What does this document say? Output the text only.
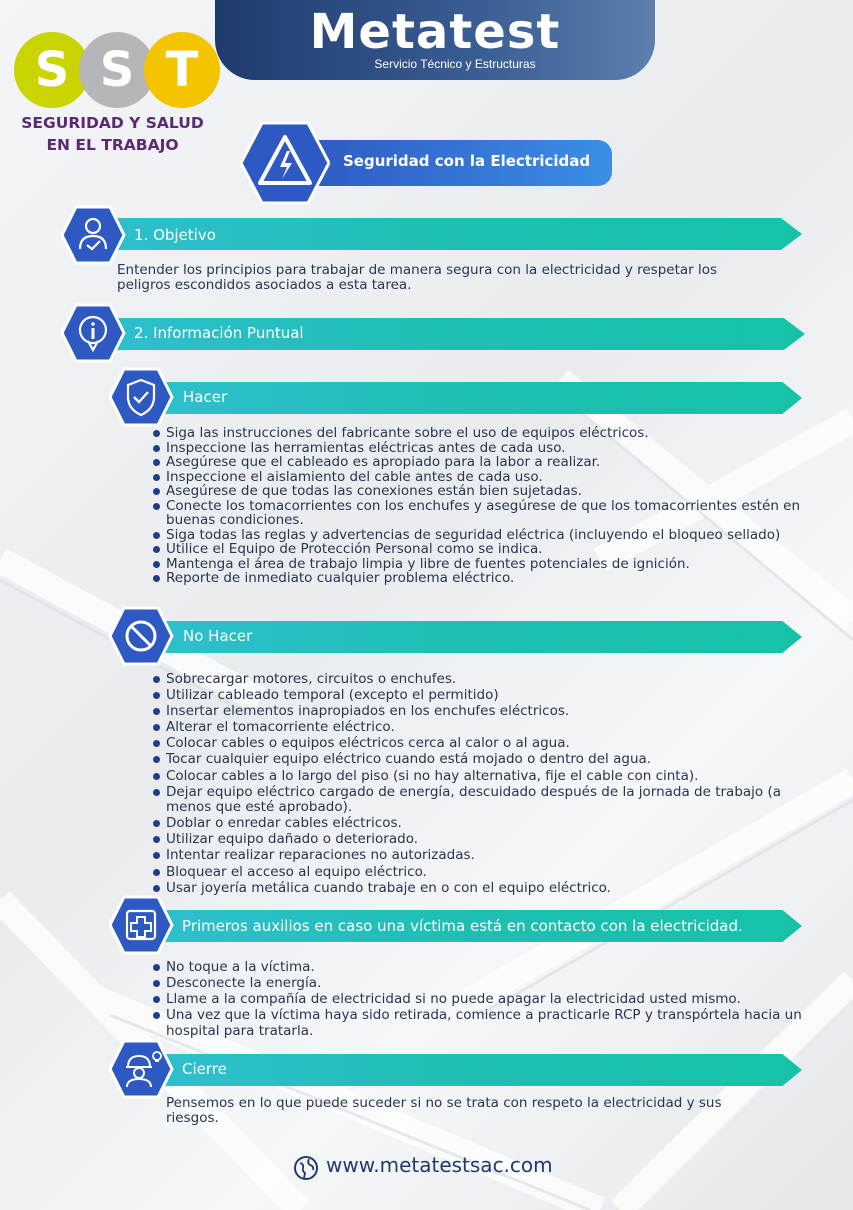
Metatest
Servicio Técnico y Estructuras
S S T
SEGURIDAD Y SALUD
EN EL TRABAJO
Seguridad con la Electricidad
1. Objetivo
Entender los principios para trabajar de manera segura con la electricidad y respetar los
peligros escondidos asociados a esta tarea.
2. Información Puntual
Hacer
Siga las instrucciones del fabricante sobre el uso de equipos eléctricos.
Inspeccione las herramientas eléctricas antes de cada uso.
Asegúrese que el cableado es apropiado para la labor a realizar.
Inspeccione el aislamiento del cable antes de cada uso.
Asegúrese de que todas las conexiones están bien sujetadas.
Conecte los tomacorrientes con los enchufes y asegúrese de que los tomacorrientes estén en buenas condiciones.
Siga todas las reglas y advertencias de seguridad eléctrica (incluyendo el bloqueo sellado)
Utilice el Equipo de Protección Personal como se indica.
Mantenga el área de trabajo limpia y libre de fuentes potenciales de ignición.
Reporte de inmediato cualquier problema eléctrico.
No Hacer
Sobrecargar motores, circuitos o enchufes.
Utilizar cableado temporal (excepto el permitido)
Insertar elementos inapropiados en los enchufes eléctricos.
Alterar el tomacorriente eléctrico.
Colocar cables o equipos eléctricos cerca al calor o al agua.
Tocar cualquier equipo eléctrico cuando está mojado o dentro del agua.
Colocar cables a lo largo del piso (si no hay alternativa, fije el cable con cinta).
Dejar equipo eléctrico cargado de energía, descuidado después de la jornada de trabajo (a menos que esté aprobado).
Doblar o enredar cables eléctricos.
Utilizar equipo dañado o deteriorado.
Intentar realizar reparaciones no autorizadas.
Bloquear el acceso al equipo eléctrico.
Usar joyería metálica cuando trabaje en o con el equipo eléctrico.
Primeros auxilios en caso una víctima está en contacto con la electricidad.
No toque a la víctima.
Desconecte la energía.
Llame a la compañía de electricidad si no puede apagar la electricidad usted mismo.
Una vez que la víctima haya sido retirada, comience a practicarle RCP y transpórtela hacia un hospital para tratarla.
Cierre
Pensemos en lo que puede suceder si no se trata con respeto la electricidad y sus
riesgos.
www.metatestsac.com
